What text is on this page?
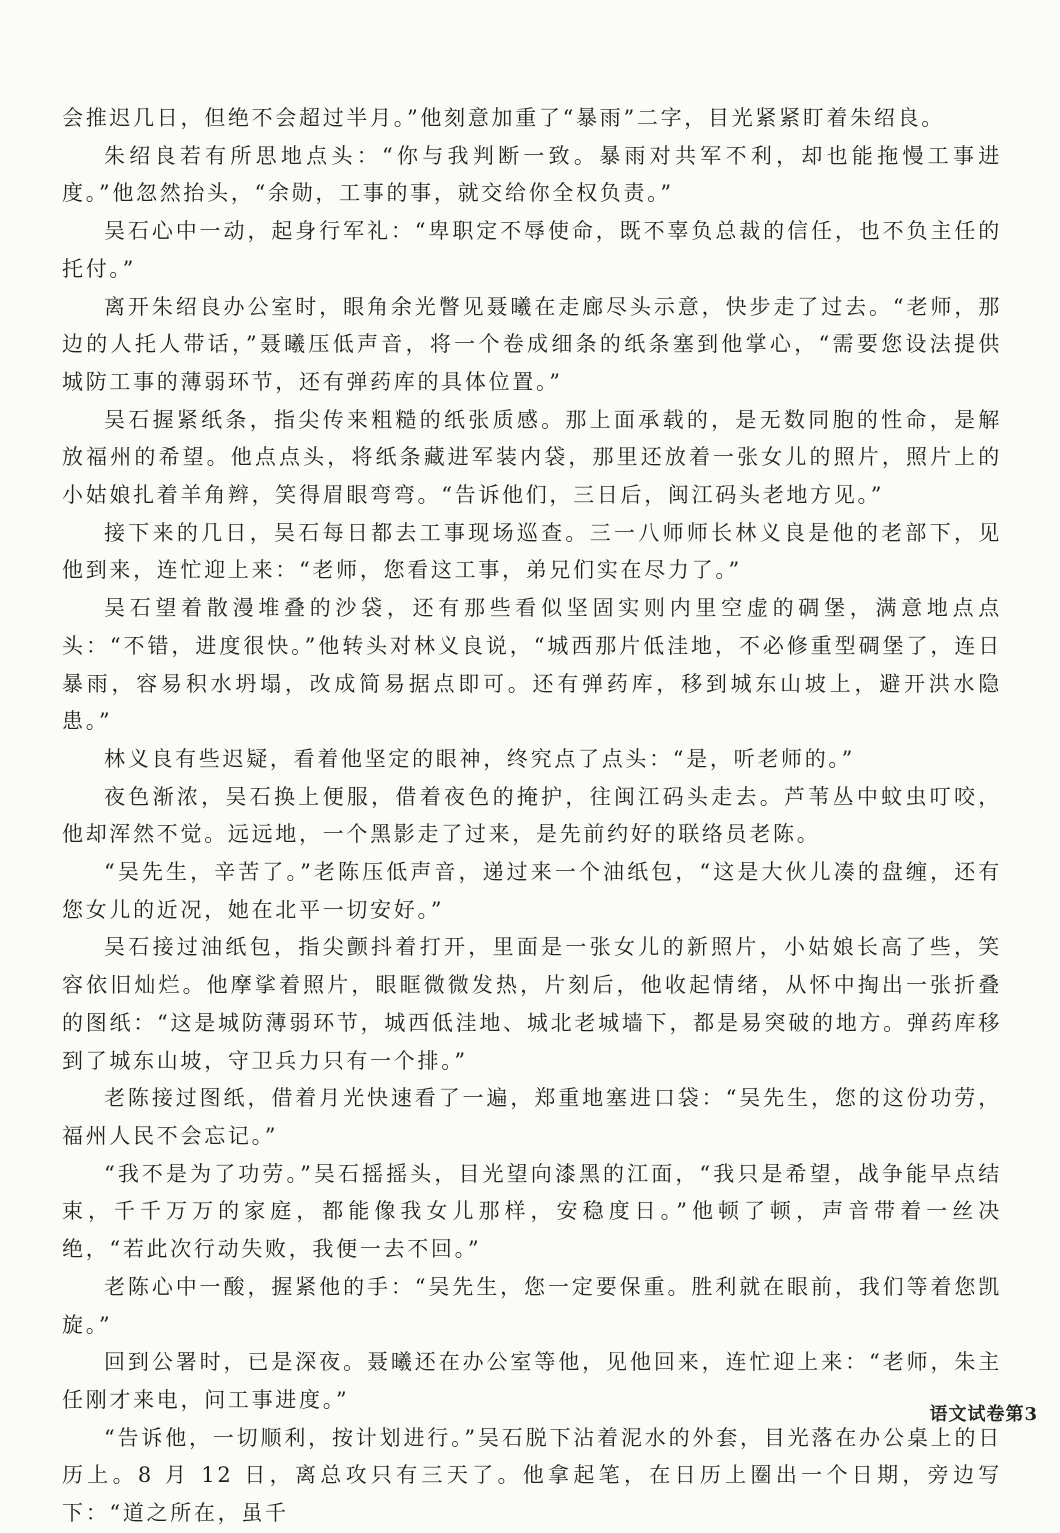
会推迟几日，但绝不会超过半月。”他刻意加重了“暴雨”二字，目光紧紧盯着朱绍良。

朱绍良若有所思地点头：“你与我判断一致。暴雨对共军不利，却也能拖慢工事进度。”他忽然抬头，“余勋，工事的事，就交给你全权负责。”

吴石心中一动，起身行军礼：“卑职定不辱使命，既不辜负总裁的信任，也不负主任的托付。”

离开朱绍良办公室时，眼角余光瞥见聂曦在走廊尽头示意，快步走了过去。“老师，那边的人托人带话，”聂曦压低声音，将一个卷成细条的纸条塞到他掌心，“需要您设法提供城防工事的薄弱环节，还有弹药库的具体位置。”

吴石握紧纸条，指尖传来粗糙的纸张质感。那上面承载的，是无数同胞的性命，是解放福州的希望。他点点头，将纸条藏进军装内袋，那里还放着一张女儿的照片，照片上的小姑娘扎着羊角辫，笑得眉眼弯弯。“告诉他们，三日后，闽江码头老地方见。”

接下来的几日，吴石每日都去工事现场巡查。三一八师师长林义良是他的老部下，见他到来，连忙迎上来：“老师，您看这工事，弟兄们实在尽力了。”

吴石望着散漫堆叠的沙袋，还有那些看似坚固实则内里空虚的碉堡，满意地点点头：“不错，进度很快。”他转头对林义良说，“城西那片低洼地，不必修重型碉堡了，连日暴雨，容易积水坍塌，改成简易据点即可。还有弹药库，移到城东山坡上，避开洪水隐患。”

林义良有些迟疑，看着他坚定的眼神，终究点了点头：“是，听老师的。”

夜色渐浓，吴石换上便服，借着夜色的掩护，往闽江码头走去。芦苇丛中蚊虫叮咬，他却浑然不觉。远远地，一个黑影走了过来，是先前约好的联络员老陈。

“吴先生，辛苦了。”老陈压低声音，递过来一个油纸包，“这是大伙儿凑的盘缠，还有您女儿的近况，她在北平一切安好。”

吴石接过油纸包，指尖颤抖着打开，里面是一张女儿的新照片，小姑娘长高了些，笑容依旧灿烂。他摩挲着照片，眼眶微微发热，片刻后，他收起情绪，从怀中掏出一张折叠的图纸：“这是城防薄弱环节，城西低洼地、城北老城墙下，都是易突破的地方。弹药库移到了城东山坡，守卫兵力只有一个排。”

老陈接过图纸，借着月光快速看了一遍，郑重地塞进口袋：“吴先生，您的这份功劳，福州人民不会忘记。”

“我不是为了功劳。”吴石摇摇头，目光望向漆黑的江面，“我只是希望，战争能早点结束，千千万万的家庭，都能像我女儿那样，安稳度日。”他顿了顿，声音带着一丝决绝，“若此次行动失败，我便一去不回。”

老陈心中一酸，握紧他的手：“吴先生，您一定要保重。胜利就在眼前，我们等着您凯旋。”

回到公署时，已是深夜。聂曦还在办公室等他，见他回来，连忙迎上来：“老师，朱主任刚才来电，问工事进度。”

“告诉他，一切顺利，按计划进行。”吴石脱下沾着泥水的外套，目光落在办公桌上的日历上。8 月 12 日，离总攻只有三天了。他拿起笔，在日历上圈出一个日期，旁边写下：“道之所在，虽千

语文试卷第3
